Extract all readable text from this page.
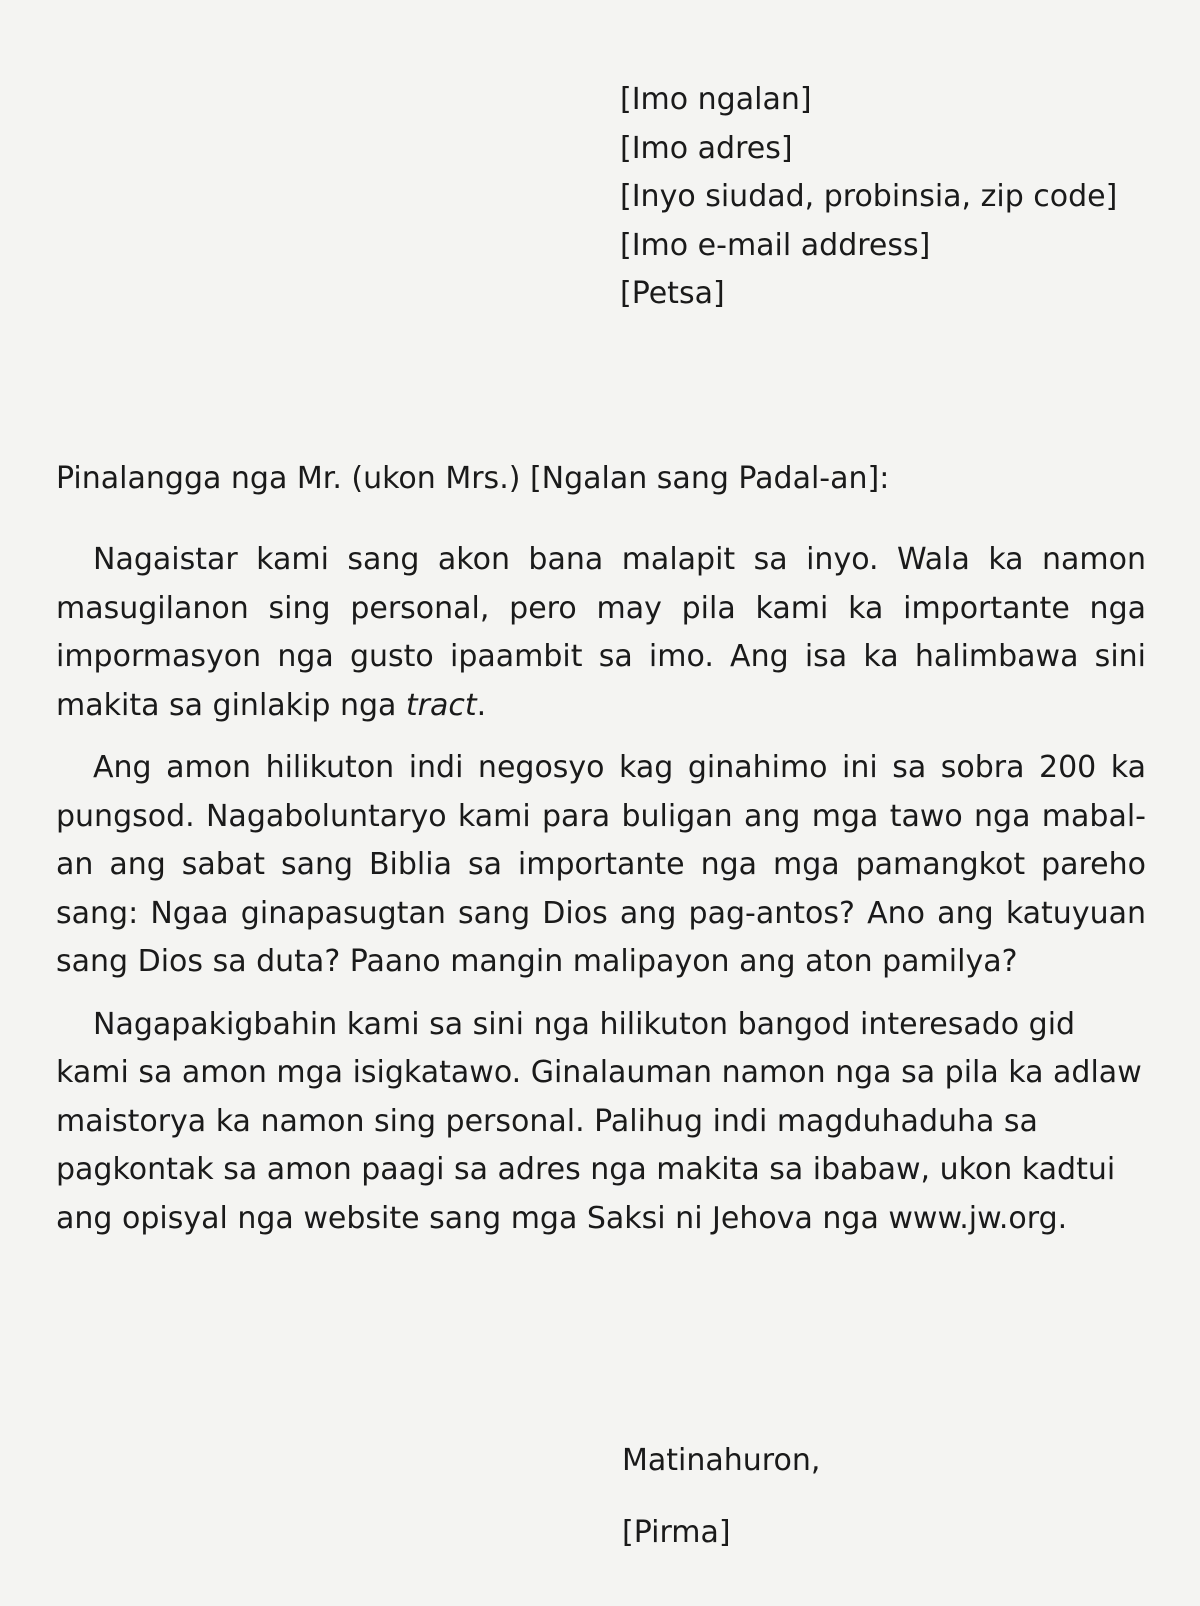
[Imo ngalan]
[Imo adres]
[Inyo siudad, probinsia, zip code]
[Imo e-mail address]
[Petsa]
Pinalangga nga Mr. (ukon Mrs.) [Ngalan sang Padal-an]:

Nagaistar kami sang akon bana malapit sa inyo. Wala ka namon masugilanon sing personal, pero may pila kami ka importante nga impormasyon nga gusto ipaambit sa imo. Ang isa ka halimbawa sini makita sa ginlakip nga tract.

Ang amon hilikuton indi negosyo kag ginahimo ini sa sobra 200 ka pungsod. Nagaboluntaryo kami para buligan ang mga tawo nga mabal-an ang sabat sang Biblia sa importante nga mga pamangkot pareho sang: Ngaa ginapasugtan sang Dios ang pag-antos? Ano ang katuyuan sang Dios sa duta? Paano mangin malipayon ang aton pamilya?

Nagapakigbahin kami sa sini nga hilikuton bangod interesado gid kami sa amon mga isigkatawo. Ginalauman namon nga sa pila ka adlaw maistorya ka namon sing personal. Palihug indi magduhaduha sa pagkontak sa amon paagi sa adres nga makita sa ibabaw, ukon kadtui ang opisyal nga website sang mga Saksi ni Jehova nga www.jw.org.

Matinahuron,
[Pirma]
